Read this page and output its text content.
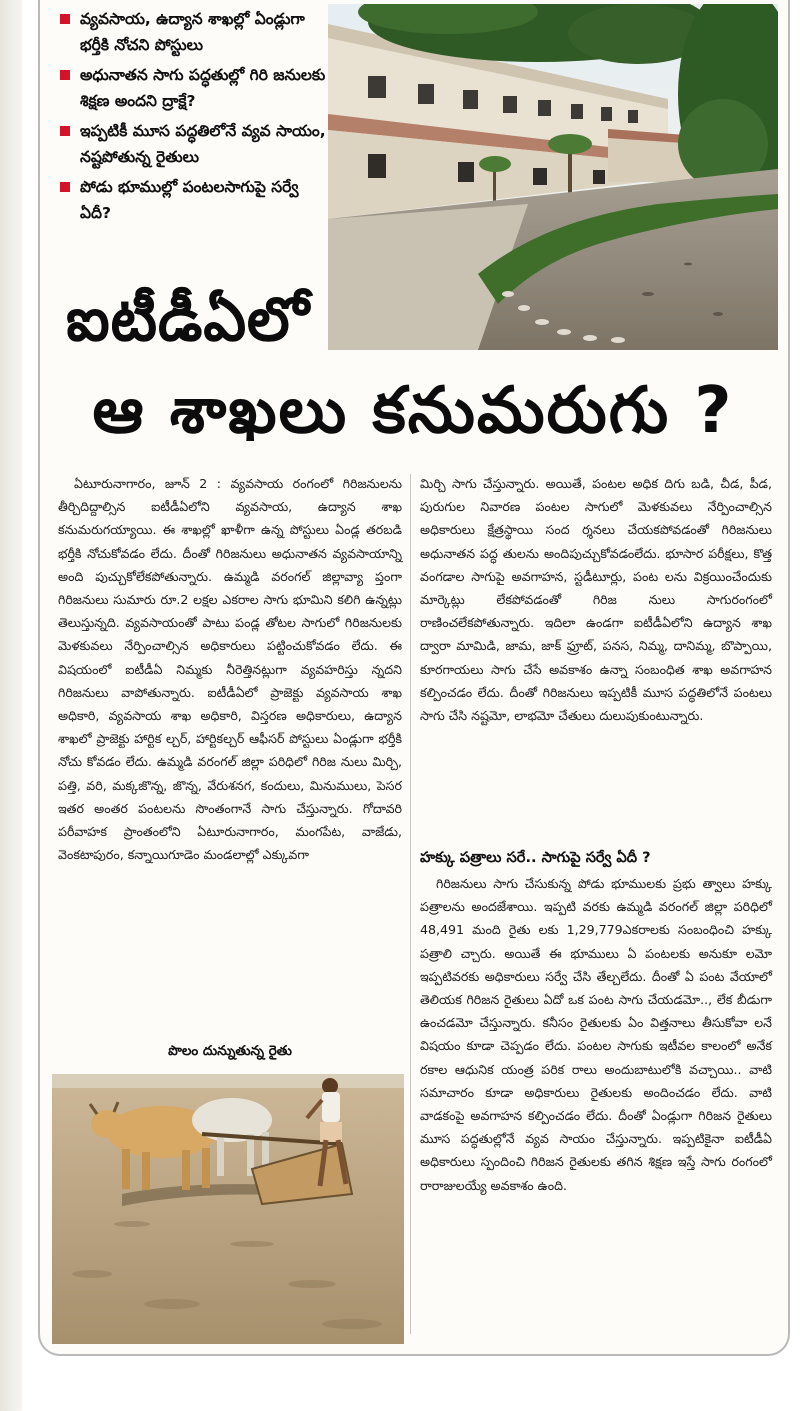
వ్యవసాయ, ఉద్యాన శాఖల్లో ఏండ్లుగా భర్తీకి నోచని పోస్టులు
అధునాతన సాగు పద్ధతుల్లో గిరి జనులకు శిక్షణ అందని ద్రాక్షే?
ఇప్పటికీ మూస పద్ధతిలోనే వ్యవ సాయం, నష్టపోతున్న రైతులు
పోడు భూముల్లో పంటలసాగుపై సర్వే ఏదీ?
ఐటీడీఏలో
ఆ శాఖలు కనుమరుగు ?

ఏటూరునాగారం, జూన్ 2 : వ్యవసాయ రంగంలో గిరిజనులను తీర్చిదిద్దాల్సిన ఐటీడీఏలోని వ్యవసాయ, ఉద్యాన శాఖ కనుమరుగయ్యాయి. ఈ శాఖల్లో ఖాళీగా ఉన్న పోస్టులు ఏండ్ల తరబడి భర్తీకి నోచుకోవడం లేదు. దీంతో గిరిజనులు అధునాతన వ్యవసాయాన్ని అంది పుచ్చుకోలేకపోతున్నారు. ఉమ్మడి వరంగల్ జిల్లావ్యా ప్తంగా గిరిజనులు సుమారు రూ.2 లక్షల ఎకరాల సాగు భూమిని కలిగి ఉన్నట్లు తెలుస్తున్నది. వ్యవసాయంతో పాటు పండ్ల తోటల సాగులో గిరిజనులకు మెళకువలు నేర్పించాల్సిన అధికారులు పట్టించుకోవడం లేదు. ఈ విషయంలో ఐటీడీఏ నిమ్మకు నీరెత్తినట్లుగా వ్యవహరిస్తు న్నదని గిరిజనులు వాపోతున్నారు. ఐటీడీఏలో ప్రాజెక్టు వ్యవసాయ శాఖ అధికారి, వ్యవసాయ శాఖ అధికారి, విస్తరణ అధికారులు, ఉద్యాన శాఖలో ప్రాజెక్టు హార్టిక ల్చర్, హార్టికల్చర్ ఆఫీసర్ పోస్టులు ఏండ్లుగా భర్తీకి నోచు కోవడం లేదు. ఉమ్మడి వరంగల్ జిల్లా పరిధిలో గిరిజ నులు మిర్చి, పత్తి, వరి, మక్కజొన్న, జొన్న, వేరుశనగ, కందులు, మినుములు, పెసర ఇతర అంతర పంటలను సొంతంగానే సాగు చేస్తున్నారు. గోదావరి పరీవాహక ప్రాంతంలోని ఏటూరునాగారం, మంగపేట, వాజేడు, వెంకటాపురం, కన్నాయిగూడెం మండలాల్లో ఎక్కువగా

మిర్చి సాగు చేస్తున్నారు. అయితే, పంటల అధిక దిగు బడి, చీడ, పీడ, పురుగుల నివారణ పంటల సాగులో మెళకువలు నేర్పించాల్సిన అధికారులు క్షేత్రస్థాయి సంద ర్శనలు చేయకపోవడంతో గిరిజనులు అధునాతన పద్ధ తులను అందిపుచ్చుకోవడంలేదు. భూసార పరీక్షలు, కొత్త వంగడాల సాగుపై అవగాహన, స్టడీటూర్లు, పంట లను విక్రయించేందుకు మార్కెట్లు లేకపోవడంతో గిరిజ నులు సాగురంగంలో రాణించలేకపోతున్నారు. ఇదిలా ఉండగా ఐటీడీఏలోని ఉద్యాన శాఖ ద్వారా మామిడి, జామ, జాక్ ఫ్రూట్, పనస, నిమ్మ, దానిమ్మ, బొప్పాయి, కూరగాయలు సాగు చేసే అవకాశం ఉన్నా సంబంధిత శాఖ అవగాహన కల్పించడం లేదు. దీంతో గిరిజనులు ఇప్పటికీ మూస పద్ధతిలోనే పంటలు సాగు చేసి నష్టమో, లాభమో చేతులు దులుపుకుంటున్నారు.

హక్కు పత్రాలు సరే.. సాగుపై సర్వే ఏదీ ?

గిరిజనులు సాగు చేసుకున్న పోడు భూములకు ప్రభు త్వాలు హక్కు పత్రాలను అందజేశాయి. ఇప్పటి వరకు ఉమ్మడి వరంగల్ జిల్లా పరిధిలో 48,491 మంది రైతు లకు 1,29,779ఎకరాలకు సంబంధించి హక్కు పత్రాలి చ్చారు. అయితే ఈ భూములు ఏ పంటలకు అనుకూ లమో ఇప్పటివరకు అధికారులు సర్వే చేసి తేల్చలేదు. దీంతో ఏ పంట వేయాలో తెలియక గిరిజన రైతులు ఏదో ఒక పంట సాగు చేయడమో.., లేక బీడుగా ఉంచడమో చేస్తున్నారు. కనీసం రైతులకు ఏం విత్తనాలు తీసుకోవా లనే విషయం కూడా చెప్పడం లేదు. పంటల సాగుకు ఇటీవల కాలంలో అనేక రకాల ఆధునిక యంత్ర పరిక రాలు అందుబాటులోకి వచ్చాయి.. వాటి సమాచారం కూడా అధికారులు రైతులకు అందించడం లేదు. వాటి వాడకంపై అవగాహన కల్పించడం లేదు. దీంతో ఏండ్లుగా గిరిజన రైతులు మూస పద్ధతుల్లోనే వ్యవ సాయం చేస్తున్నారు. ఇప్పటికైనా ఐటీడీఏ అధికారులు స్పందించి గిరిజన రైతులకు తగిన శిక్షణ ఇస్తే సాగు రంగంలో రారాజులయ్యే అవకాశం ఉంది.

పొలం దున్నుతున్న రైతు
